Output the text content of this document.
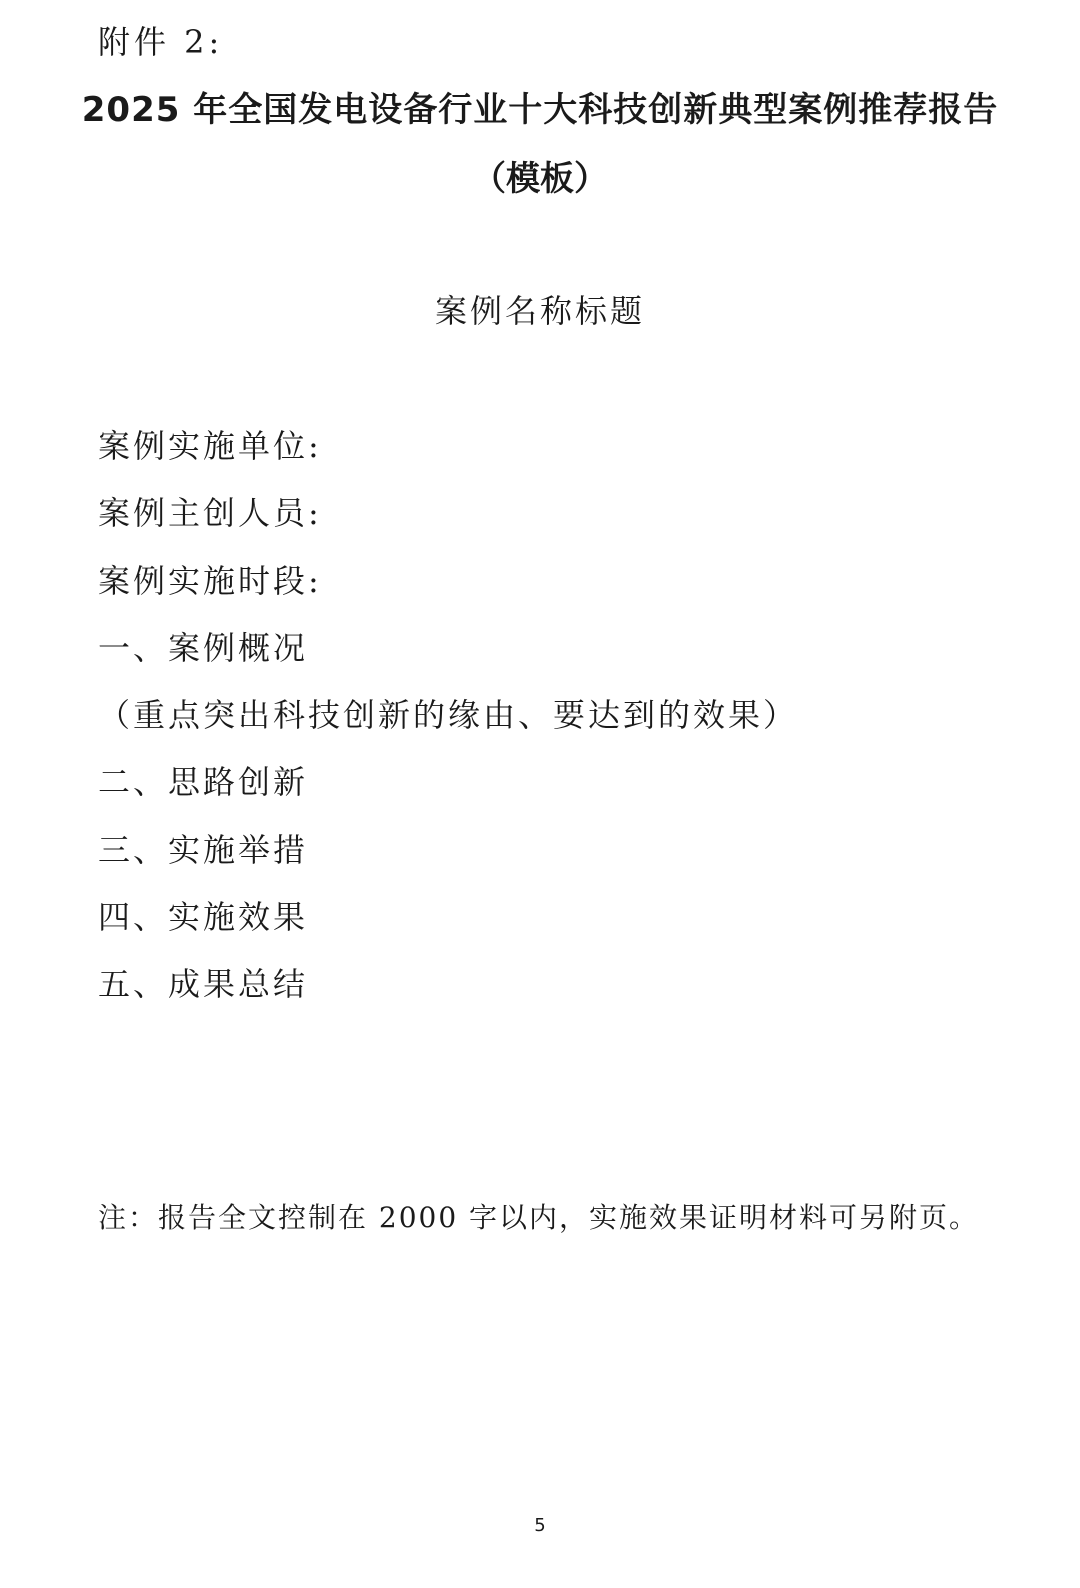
附件 2:
2025 年全国发电设备行业十大科技创新典型案例推荐报告
（模板）
案例名称标题
案例实施单位:
案例主创人员:
案例实施时段:
一、案例概况
（重点突出科技创新的缘由、要达到的效果）
二、思路创新
三、实施举措
四、实施效果
五、成果总结
注：报告全文控制在 2000 字以内，实施效果证明材料可另附页。
5
